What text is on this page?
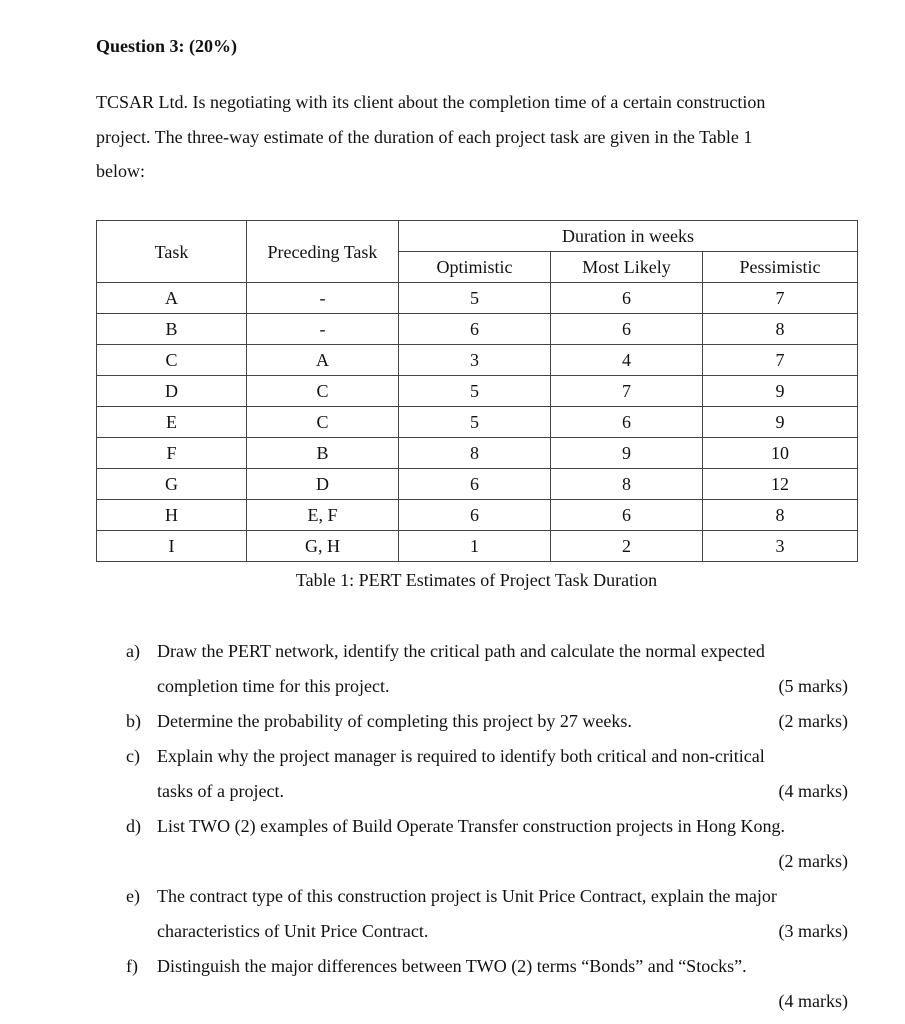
Question 3: (20%)

TCSAR Ltd. Is negotiating with its client about the completion time of a certain construction

project. The three-way estimate of the duration of each project task are given in the Table 1

below:

Task	Preceding Task	Duration in weeks		
		Optimistic	Most Likely	Pessimistic
A	-	5	6	7
B	-	6	6	8
C	A	3	4	7
D	C	5	7	9
E	C	5	6	9
F	B	8	9	10
G	D	6	8	12
H	E, F	6	6	8
I	G, H	1	2	3
Table 1: PERT Estimates of Project Task Duration
a) Draw the PERT network, identify the critical path and calculate the normal expected
completion time for this project.	(5 marks)
b) Determine the probability of completing this project by 27 weeks.	(2 marks)
c) Explain why the project manager is required to identify both critical and non-critical
tasks of a project.	(4 marks)
d) List TWO (2) examples of Build Operate Transfer construction projects in Hong Kong.
(2 marks)
e) The contract type of this construction project is Unit Price Contract, explain the major
characteristics of Unit Price Contract.	(3 marks)
f) Distinguish the major differences between TWO (2) terms “Bonds” and “Stocks”.
(4 marks)
